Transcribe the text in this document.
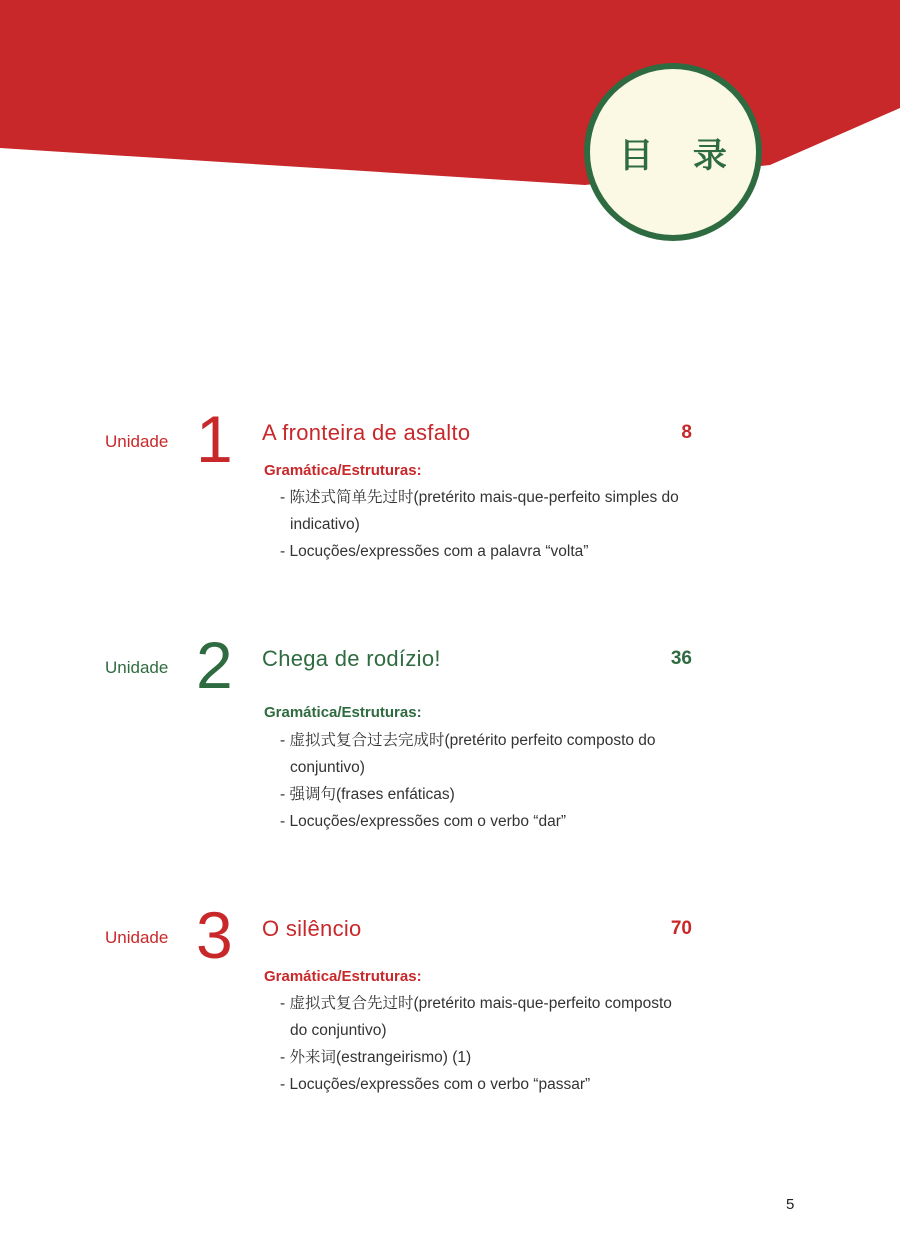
目 录
Unidade 1 A fronteira de asfalto	8
Gramática/Estruturas:
- 陈述式简单先过时(pretérito mais-que-perfeito simples do indicativo)
- Locuções/expressões com a palavra “volta”
Unidade 2 Chega de rodízio!	36
Gramática/Estruturas:
- 虚拟式复合过去完成时(pretérito perfeito composto do conjuntivo)
- 强调句(frases enfáticas)
- Locuções/expressões com o verbo “dar”
Unidade 3 O silêncio	70
Gramática/Estruturas:
- 虚拟式复合先过时(pretérito mais-que-perfeito composto do conjuntivo)
- 外来词(estrangeirismo) (1)
- Locuções/expressões com o verbo “passar”
5
